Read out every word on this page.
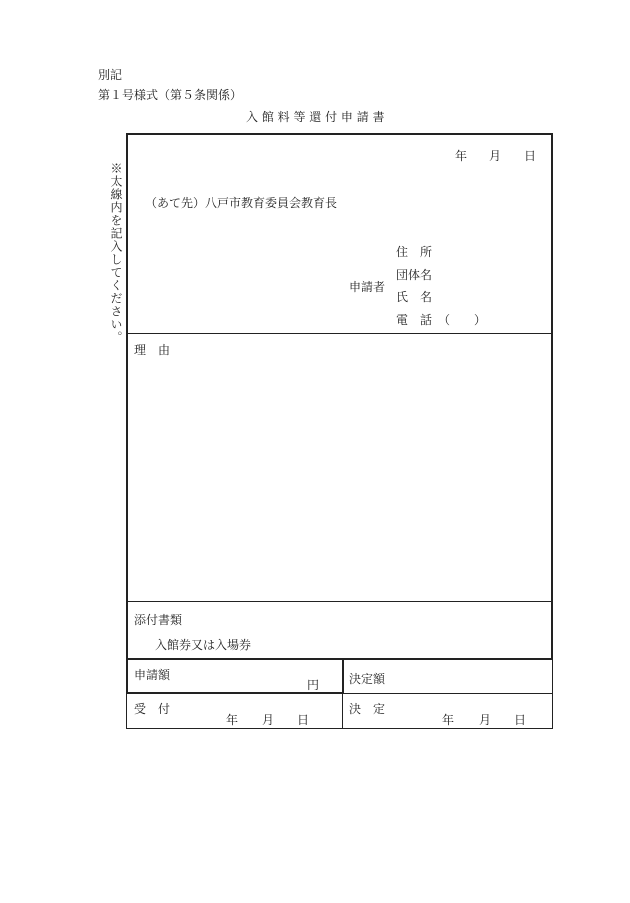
別記
第１号様式（第５条関係）
入 館 料 等 還 付 申 請 書
※太線内を記入してください。
年 月 日
（あて先）八戸市教育委員会教育長
申請者
住　所
団体名
氏　名
電　話　（　　）
理　由
添付書類
入館券又は入場券
申請額
円 決定額
受　付
年 月 日
決　定
年 月 日
